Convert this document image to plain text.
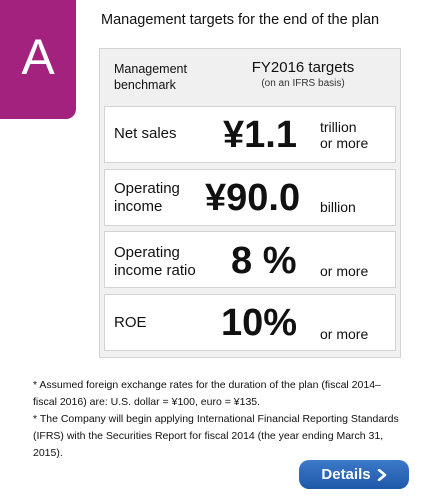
A
Management targets for the end of the plan
Management
benchmark
FY2016 targets
(on an IFRS basis)
Net sales ¥1.1 trillion
or more
Operating
income	¥90.0 billion
Operating
income ratio 8 % or more
ROE 10% or more
* Assumed foreign exchange rates for the duration of the plan (fiscal 2014–fiscal 2016) are: U.S. dollar = ¥100, euro = ¥135.
* The Company will begin applying International Financial Reporting Standards (IFRS) with the Securities Report for fiscal 2014 (the year ending March 31, 2015).
Details
